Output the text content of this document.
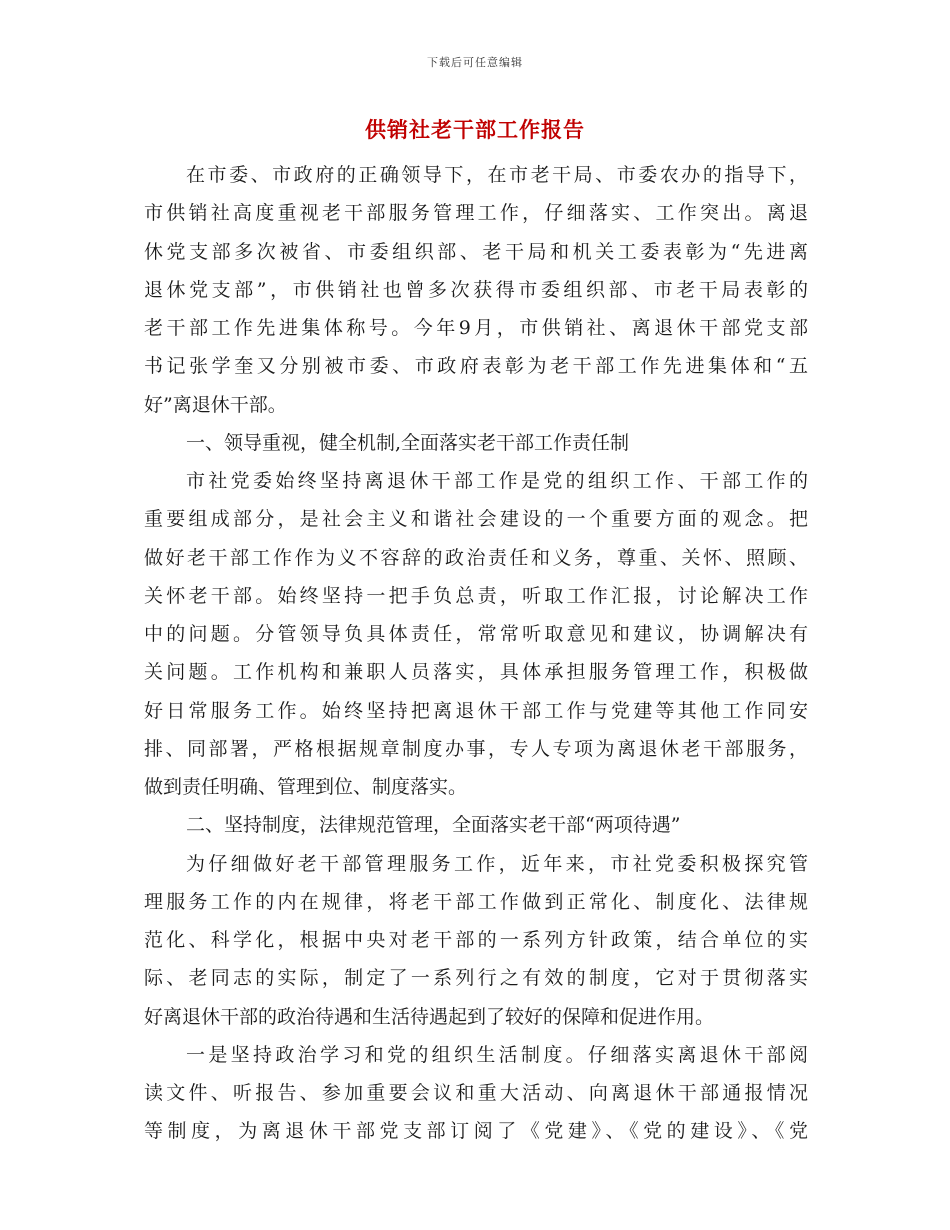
下载后可任意编辑
供销社老干部工作报告
在市委、市政府的正确领导下，在市老干局、市委农办的指导下，
市供销社高度重视老干部服务管理工作，仔细落实、工作突出。离退
休党支部多次被省、市委组织部、老干局和机关工委表彰为“先进离
退休党支部”，市供销社也曾多次获得市委组织部、市老干局表彰的
老干部工作先进集体称号。今年9月，市供销社、离退休干部党支部
书记张学奎又分别被市委、市政府表彰为老干部工作先进集体和“五
好”离退休干部。
一、领导重视，健全机制,全面落实老干部工作责任制
市社党委始终坚持离退休干部工作是党的组织工作、干部工作的
重要组成部分，是社会主义和谐社会建设的一个重要方面的观念。把
做好老干部工作作为义不容辞的政治责任和义务，尊重、关怀、照顾、
关怀老干部。始终坚持一把手负总责，听取工作汇报，讨论解决工作
中的问题。分管领导负具体责任，常常听取意见和建议，协调解决有
关问题。工作机构和兼职人员落实，具体承担服务管理工作，积极做
好日常服务工作。始终坚持把离退休干部工作与党建等其他工作同安
排、同部署，严格根据规章制度办事，专人专项为离退休老干部服务，
做到责任明确、管理到位、制度落实。
二、坚持制度，法律规范管理，全面落实老干部“两项待遇”
为仔细做好老干部管理服务工作，近年来，市社党委积极探究管
理服务工作的内在规律，将老干部工作做到正常化、制度化、法律规
范化、科学化，根据中央对老干部的一系列方针政策，结合单位的实
际、老同志的实际，制定了一系列行之有效的制度，它对于贯彻落实
好离退休干部的政治待遇和生活待遇起到了较好的保障和促进作用。
一是坚持政治学习和党的组织生活制度。仔细落实离退休干部阅
读文件、听报告、参加重要会议和重大活动、向离退休干部通报情况
等制度，为离退休干部党支部订阅了《党建》、《党的建设》、《党
